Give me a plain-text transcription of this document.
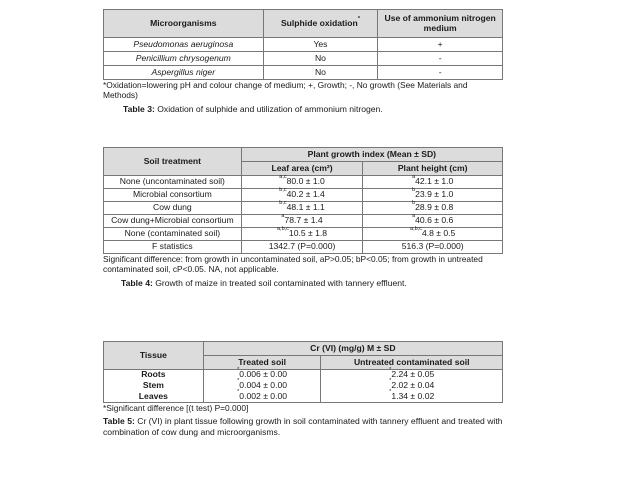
Microorganisms	Sulphide oxidation*	Use of ammonium nitrogen medium
Pseudomonas aeruginosa	Yes	+
Penicillium chrysogenum	No	-
Aspergillus niger	No	-
*Oxidation=lowering pH and colour change of medium; +, Growth; -, No growth (See Materials and Methods)
Table 3: Oxidation of sulphide and utilization of ammonium nitrogen.
Soil treatment	Plant growth index (Mean ± SD)	
	Leaf area (cm²)	Plant height (cm)
None (uncontaminated soil)	$^{a,c}$80.0 ± 1.0	$^a$42.1 ± 1.0
Microbial consortium	$^{b,c}$40.2 ± 1.4	$^b$23.9 ± 1.0
Cow dung	$^{b,c}$48.1 ± 1.1	$^b$28.9 ± 0.8
Cow dung+Microbial consortium	$^a$78.7 ± 1.4	$^a$40.6 ± 0.6
None (contaminated soil)	$^{a,b,c}$10.5 ± 1.8	$^{a,b,c}$4.8 ± 0.5
F statistics	1342.7 (P=0.000)	516.3 (P=0.000)
Significant difference: from growth in uncontaminated soil, aP>0.05; bP<0.05; from growth in untreated contaminated soil, cP<0.05. NA, not applicable.
Table 4: Growth of maize in treated soil contaminated with tannery effluent.
Tissue	Cr (VI) (mg/g) M ± SD	
	Treated soil	Untreated contaminated soil
Roots	*0.006 ± 0.00	*2.24 ± 0.05
Stem	*0.004 ± 0.00	*2.02 ± 0.04
Leaves	*0.002 ± 0.00	*1.34 ± 0.02
*Significant difference [(t test) P=0.000]
Table 5: Cr (VI) in plant tissue following growth in soil contaminated with tannery effluent and treated with combination of cow dung and microorganisms.
